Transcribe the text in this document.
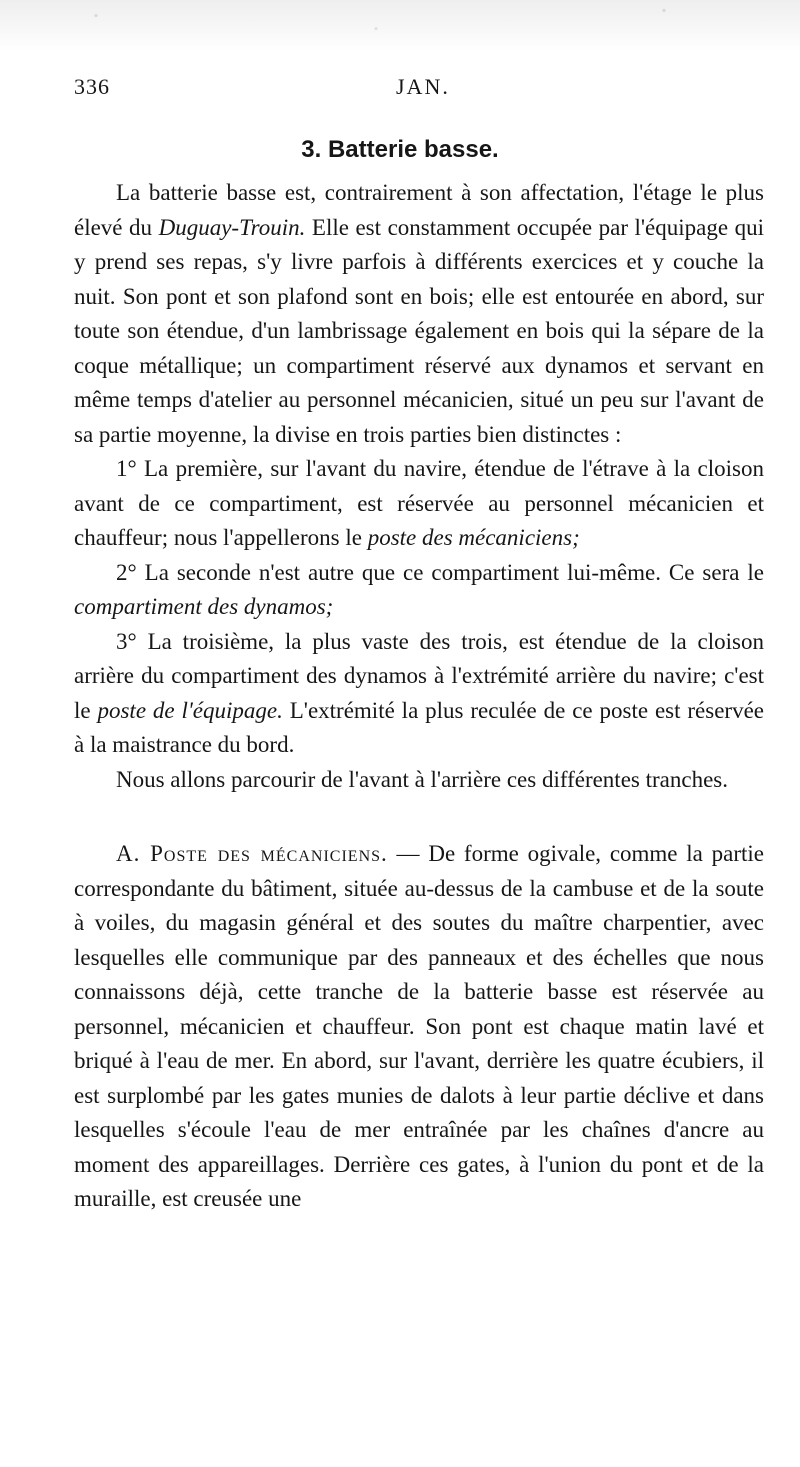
336	JAN.
3. Batterie basse.

La batterie basse est, contrairement à son affectation, l'étage le plus élevé du Duguay-Trouin. Elle est constamment occupée par l'équipage qui y prend ses repas, s'y livre parfois à différents exercices et y couche la nuit. Son pont et son plafond sont en bois; elle est entourée en abord, sur toute son étendue, d'un lambrissage également en bois qui la sépare de la coque métallique; un compartiment réservé aux dynamos et servant en même temps d'atelier au personnel mécanicien, situé un peu sur l'avant de sa partie moyenne, la divise en trois parties bien distinctes :

1° La première, sur l'avant du navire, étendue de l'étrave à la cloison avant de ce compartiment, est réservée au personnel mécanicien et chauffeur; nous l'appellerons le poste des mécaniciens;

2° La seconde n'est autre que ce compartiment lui-même. Ce sera le compartiment des dynamos;

3° La troisième, la plus vaste des trois, est étendue de la cloison arrière du compartiment des dynamos à l'extrémité arrière du navire; c'est le poste de l'équipage. L'extrémité la plus reculée de ce poste est réservée à la maistrance du bord.

Nous allons parcourir de l'avant à l'arrière ces différentes tranches.

A. Poste des mécaniciens. — De forme ogivale, comme la partie correspondante du bâtiment, située au-dessus de la cambuse et de la soute à voiles, du magasin général et des soutes du maître charpentier, avec lesquelles elle communique par des panneaux et des échelles que nous connaissons déjà, cette tranche de la batterie basse est réservée au personnel, mécanicien et chauffeur. Son pont est chaque matin lavé et briqué à l'eau de mer. En abord, sur l'avant, derrière les quatre écubiers, il est surplombé par les gates munies de dalots à leur partie déclive et dans lesquelles s'écoule l'eau de mer entraînée par les chaînes d'ancre au moment des appareillages. Derrière ces gates, à l'union du pont et de la muraille, est creusée une
